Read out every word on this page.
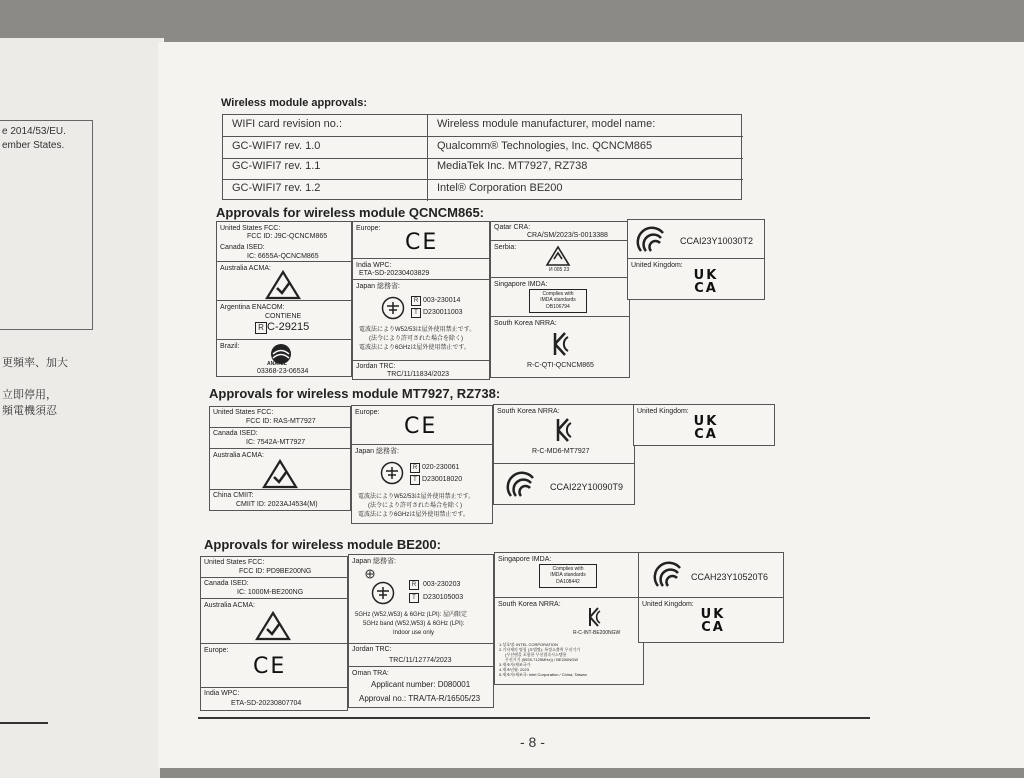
e 2014/53/EU.
ember States.
更頻率、加大
立即停用，
頻電機須忍
Wireless module approvals:
WIFI card revision no.:	Wireless module manufacturer, model name:
GC-WIFI7 rev. 1.0	Qualcomm® Technologies, Inc. QCNCM865
GC-WIFI7 rev. 1.1	MediaTek Inc. MT7927, RZ738
GC-WIFI7 rev. 1.2	Intel® Corporation BE200
Approvals for wireless module QCNCM865:
United States FCC:
FCC ID: J9C-QCNCM865
Canada ISED:
IC: 6655A-QCNCM865
Australia ACMA:
Argentina ENACOM:
CONTIENE
R C-29215
Brazil:
ANATEL
03368-23-06534
Europe:
CE
India WPC:
ETA-SD-20230403829
Japan 総務省:
R 003-230014
T D230011003
電波法によりW52/53は屋外使用禁止です。
(法令により許可された場合を除く)
電波法により6GHzは屋外使用禁止です。
Jordan TRC:
TRC/11/11834/2023
Qatar CRA:
CRA/SM/2023/S-0013388
Serbia:
И 005 23
Singapore IMDA:
Complies with
IMDA standards
DB106794
South Korea NRRA:
R-C-QTI-QCNCM865
CCAI23Y10030T2
United Kingdom:
UK
CA
Approvals for wireless module MT7927, RZ738:
United States FCC:
FCC ID: RAS-MT7927
Canada ISED:
IC: 7542A-MT7927
Australia ACMA:
China CMIIT:
CMIIT ID: 2023AJ4534(M)
Europe:
CE
Japan 総務省:
R 020-230061
T D230018020
電波法によりW52/53は屋外使用禁止です。
(法令により許可された場合を除く)
電波法により6GHzは屋外使用禁止です。
South Korea NRRA:
R-C-MD6-MT7927
CCAI22Y10090T9
United Kingdom:
UK
CA
Approvals for wireless module BE200:
United States FCC:
FCC ID: PD9BE200NG
Canada ISED:
IC: 1000M-BE200NG
Australia ACMA:
Europe:
CE
India WPC:
ETA-SD-20230807704
Japan 総務省:
R 003-230203
T	D230105003
5GHz (W52,W53) & 6GHz (LPI): 屋内限定
5GHz band (W52,W53) & 6GHz (LPI):
Indoor use only
Jordan TRC:
TRC/11/12774/2023
Oman TRA:
Applicant number: D080001
Approval no.: TRA/TA-R/16505/23
Singapore IMDA:
Complies with
IMDA standards
DA108442
South Korea NRRA:
R-C-INT-BE200NGW
1.상호명: INTEL CORPORATION
2.기자재의 명칭 (모델명): 특정소출력 무선기기
(무선랜을 포함한 무선접속시스템용
무선기기 (5925-7125MHz)) / BE200NGW
3.제조자/제조국가
4.제조년월: 2023
5.제조자/제조국: Intel Corporation / China, Taiwan
CCAH23Y10520T6
United Kingdom:
UK
CA
- 8 -
